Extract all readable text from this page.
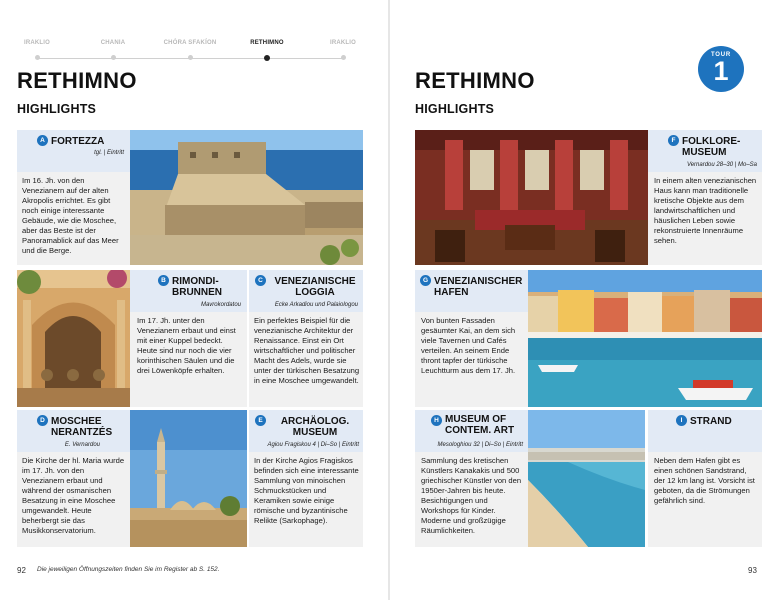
IRAKLIO	CHANIA	CHÓRA SFAKÍON	RETHIMNO	IRAKLIO
RETHIMNO
HIGHLIGHTS
RETHIMNO
HIGHLIGHTS
TOUR
1
A FORTEZZA
tgl. | Eintritt
Im 16. Jh. von den Venezianern auf der alten Akropolis errichtet. Es gibt noch einige interessante Gebäude, wie die Moschee, aber das Beste ist der Panoramablick auf das Meer und die Berge.
B RIMONDI-BRUNNEN
Mavrokordatou
Im 17. Jh. unter den Venezianern erbaut und einst mit einer Kuppel bedeckt. Heute sind nur noch die vier korinthischen Säulen und die drei Löwenköpfe erhalten.
C	VENEZIANISCHE LOGGIA
Ecke Arkadiou und Palaiologou
Ein perfektes Beispiel für die venezianische Architektur der Renaissance. Einst ein Ort wirtschaftlicher und politischer Macht des Adels, wurde sie unter der türkischen Besatzung in eine Moschee umgewandelt.
D MOSCHEE NERANTZÉS
E. Vernardou
Die Kirche der hl. Maria wurde im 17. Jh. von den Venezianern erbaut und während der osmanischen Besatzung in eine Moschee umgewandelt. Heute beherbergt sie das Musikkonservatorium.
E	ARCHÄOLOG. MUSEUM
Agiou Fragiskou 4 | Di–So | Eintritt
In der Kirche Agios Fragiskos befinden sich eine interessante Sammlung von minoischen Schmuckstücken und Keramiken sowie einige römische und byzantinische Relikte (Sarkophage).
F FOLKLORE-MUSEUM
Vernardou 28–30 | Mo–Sa
In einem alten venezianischen Haus kann man traditionelle kretische Objekte aus dem landwirtschaftlichen und häuslichen Leben sowie rekonstruierte Innenräume sehen.
G VENEZIANISCHER HAFEN
Von bunten Fassaden gesäumter Kai, an dem sich viele Tavernen und Cafés verteilen. An seinem Ende thront tapfer der türkische Leuchtturm aus dem 17. Jh.
H MUSEUM OF CONTEM. ART
Mesologhiou 32 | Di–So | Eintritt
Sammlung des kretischen Künstlers Kanakakis und 500 griechischer Künstler von den 1950er-Jahren bis heute. Besichtigungen und Workshops für Kinder. Moderne und großzügige Räumlichkeiten.
I STRAND
Neben dem Hafen gibt es einen schönen Sandstrand, der 12 km lang ist. Vorsicht ist geboten, da die Strömungen gefährlich sind.
92 Die jeweiligen Öffnungszeiten finden Sie im Register ab S. 152.	93
